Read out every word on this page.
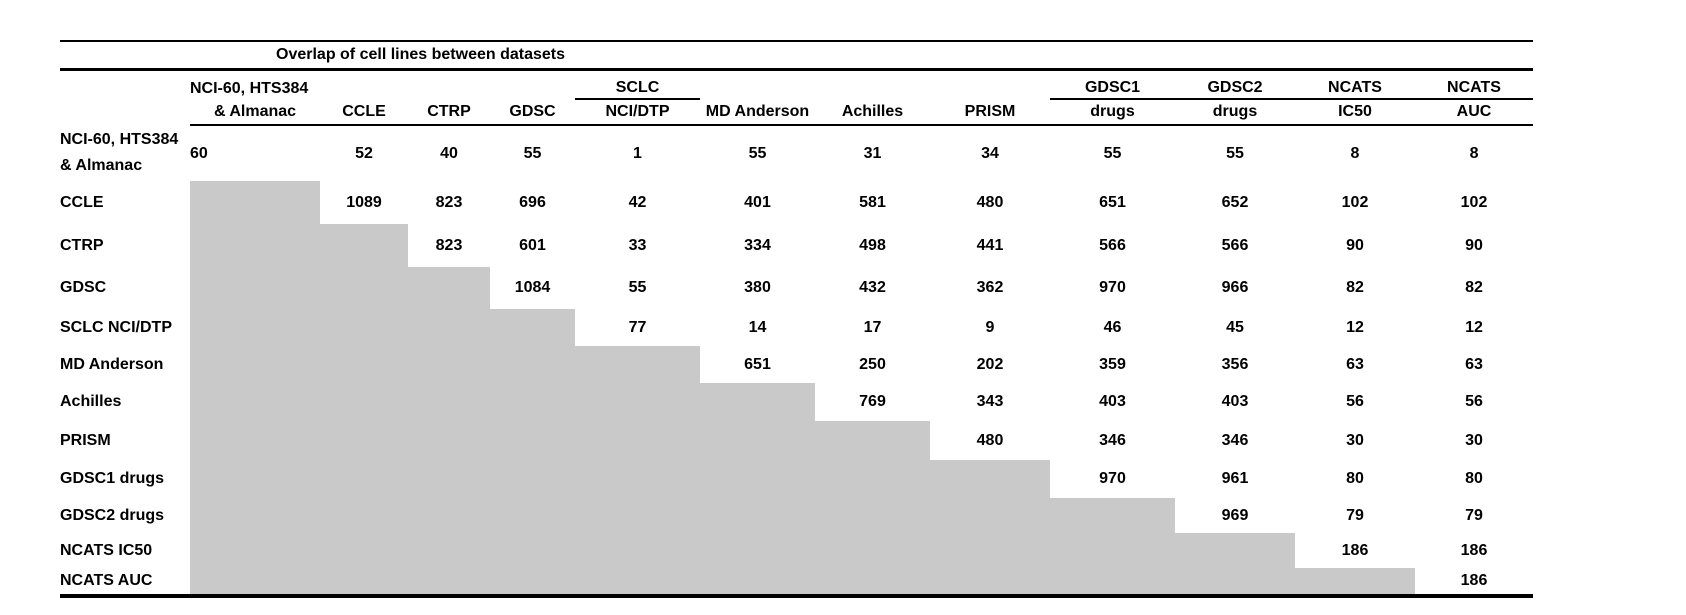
Overlap of cell lines between datasets												
	NCI-60, HTS384				SCLC				GDSC1	GDSC2	NCATS	NCATS
	& Almanac	CCLE	CTRP	GDSC	NCI/DTP	MD Anderson	Achilles	PRISM	drugs	drugs	IC50	AUC
NCI-60, HTS384
& Almanac	60	52	40	55	1	55	31	34	55	55	8	8
CCLE		1089	823	696	42	401	581	480	651	652	102	102
CTRP			823	601	33	334	498	441	566	566	90	90
GDSC				1084	55	380	432	362	970	966	82	82
SCLC NCI/DTP					77	14	17	9	46	45	12	12
MD Anderson						651	250	202	359	356	63	63
Achilles							769	343	403	403	56	56
PRISM								480	346	346	30	30
GDSC1 drugs									970	961	80	80
GDSC2 drugs										969	79	79
NCATS IC50											186	186
NCATS AUC												186
